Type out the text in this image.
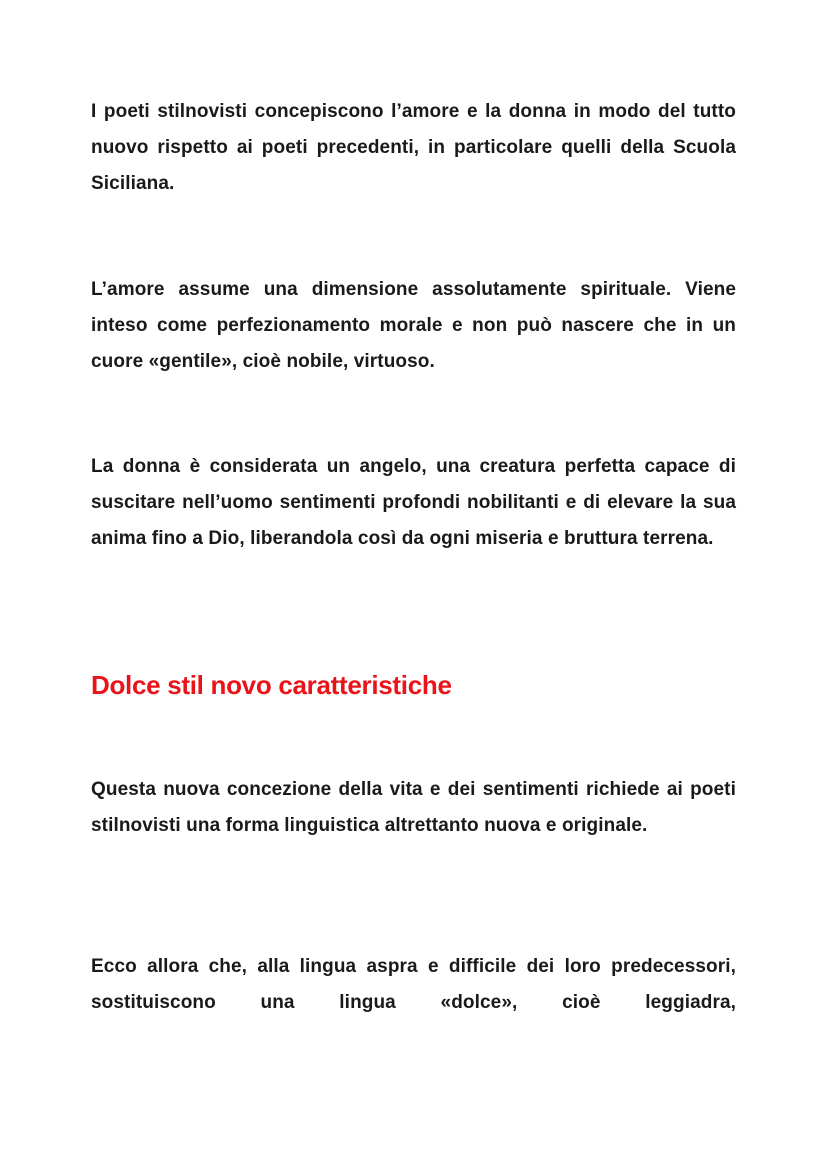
I poeti stilnovisti concepiscono l’amore e la donna in modo del tutto nuovo rispetto ai poeti precedenti, in particolare quelli della Scuola Siciliana.

L’amore assume una dimensione assolutamente spirituale. Viene inteso come perfezionamento morale e non può nascere che in un cuore «gentile», cioè nobile, virtuoso.

La donna è considerata un angelo, una creatura perfetta capace di suscitare nell’uomo sentimenti profondi nobilitanti e di elevare la sua anima fino a Dio, liberandola così da ogni miseria e bruttura terrena.

Dolce stil novo caratteristiche

Questa nuova concezione della vita e dei sentimenti richiede ai poeti stilnovisti una forma linguistica altrettanto nuova e originale.

Ecco allora che, alla lingua aspra e difficile dei loro predecessori, sostituiscono una lingua «dolce», cioè leggiadra,
